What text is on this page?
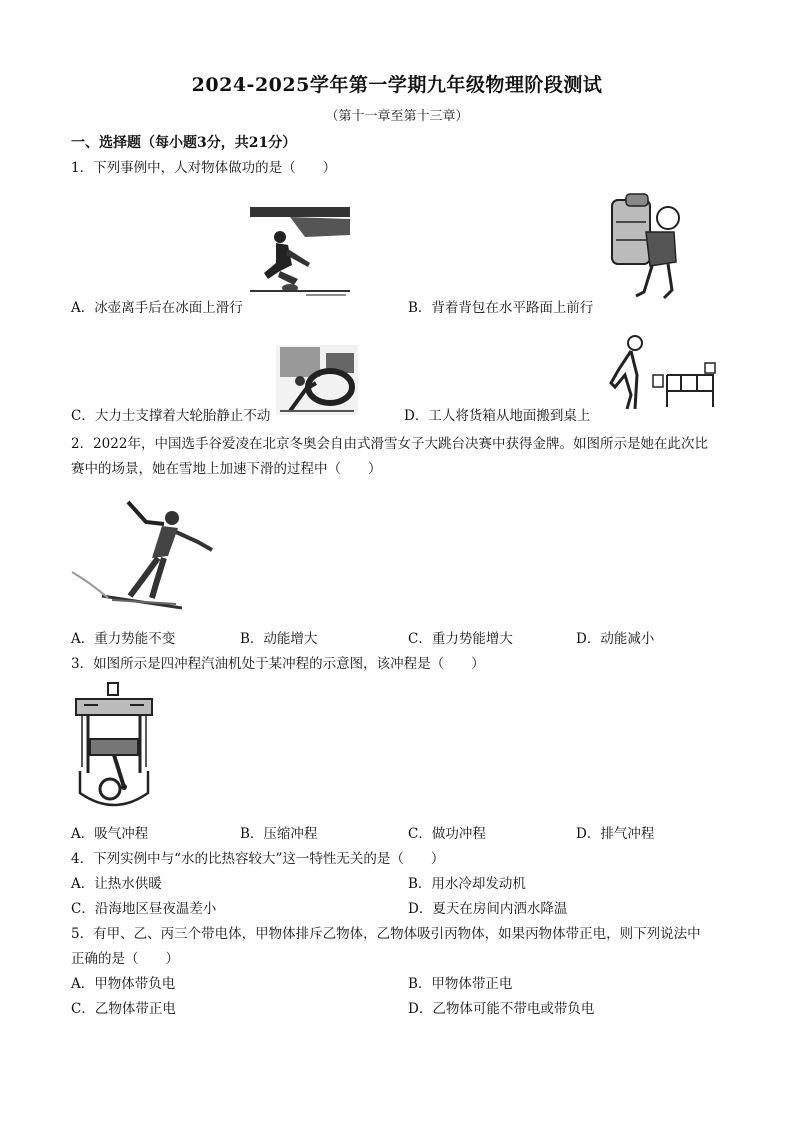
2024-2025学年第一学期九年级物理阶段测试
（第十一章至第十三章）
一、选择题（每小题3分，共21分）
1．下列事例中，人对物体做功的是（　　）
A．冰壶离手后在冰面上滑行	B．背着背包在水平路面上前行
C．大力士支撑着大轮胎静止不动	D．工人将货箱从地面搬到桌上
2．2022年，中国选手谷爱凌在北京冬奥会自由式滑雪女子大跳台决赛中获得金牌。如图所示是她在此次比
赛中的场景，她在雪地上加速下滑的过程中（　　）
A．重力势能不变	B．动能增大	C．重力势能增大	D．动能减小
3．如图所示是四冲程汽油机处于某冲程的示意图，该冲程是（　　）
A．吸气冲程	B．压缩冲程	C．做功冲程	D．排气冲程
4．下列实例中与“水的比热容较大”这一特性无关的是（　　）
A．让热水供暖	B．用水冷却发动机
C．沿海地区昼夜温差小	D．夏天在房间内洒水降温
5．有甲、乙、丙三个带电体，甲物体排斥乙物体，乙物体吸引丙物体，如果丙物体带正电，则下列说法中
正确的是（　　）
A．甲物体带负电	B．甲物体带正电
C．乙物体带正电	D．乙物体可能不带电或带负电
